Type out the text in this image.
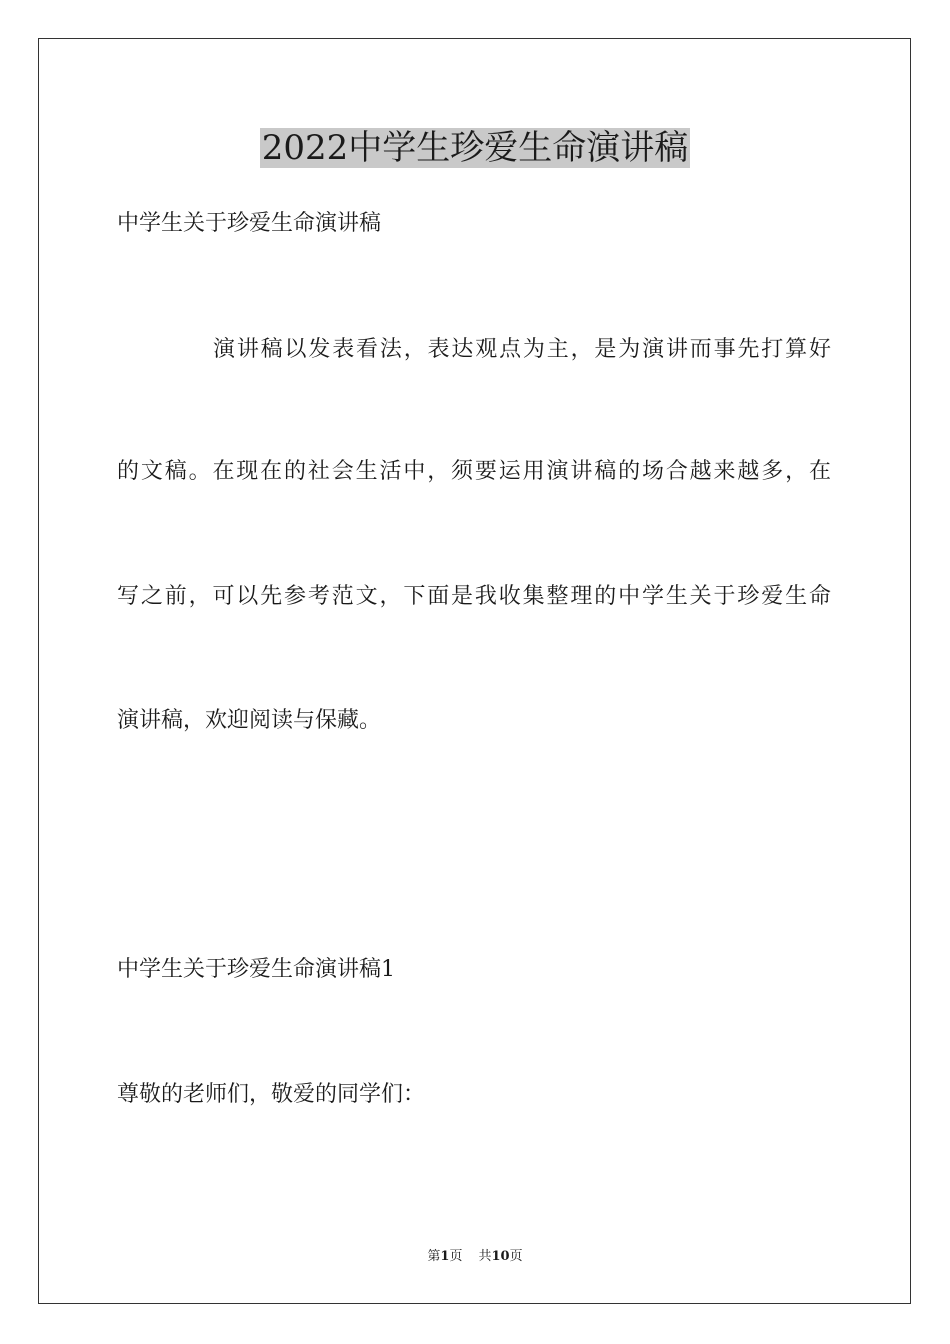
2022中学生珍爱生命演讲稿

中学生关于珍爱生命演讲稿

演讲稿以发表看法，表达观点为主，是为演讲而事先打算好

的文稿。在现在的社会生活中，须要运用演讲稿的场合越来越多，在

写之前，可以先参考范文，下面是我收集整理的中学生关于珍爱生命

演讲稿，欢迎阅读与保藏。

中学生关于珍爱生命演讲稿1

尊敬的老师们，敬爱的同学们：

第1页 共10页
